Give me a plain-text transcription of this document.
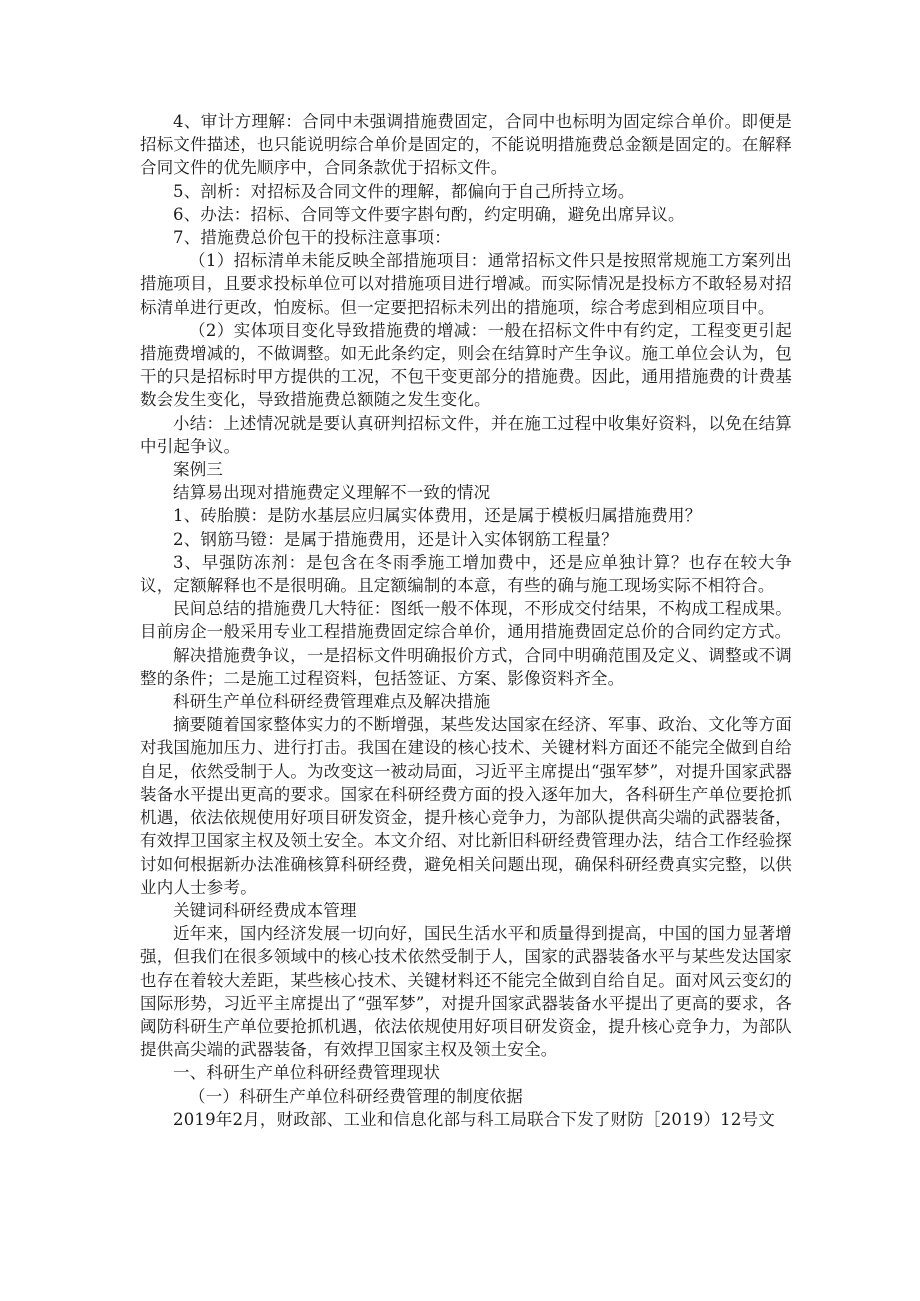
4、审计方理解：合同中未强调措施费固定，合同中也标明为固定综合单价。即便是招标文件描述，也只能说明综合单价是固定的，不能说明措施费总金额是固定的。在解释合同文件的优先顺序中，合同条款优于招标文件。

5、剖析：对招标及合同文件的理解，都偏向于自己所持立场。

6、办法：招标、合同等文件要字斟句酌，约定明确，避免出席异议。

7、措施费总价包干的投标注意事项：

（1）招标清单未能反映全部措施项目：通常招标文件只是按照常规施工方案列出措施项目，且要求投标单位可以对措施项目进行增减。而实际情况是投标方不敢轻易对招标清单进行更改，怕废标。但一定要把招标未列出的措施项，综合考虑到相应项目中。

（2）实体项目变化导致措施费的增减：一般在招标文件中有约定，工程变更引起措施费增减的，不做调整。如无此条约定，则会在结算时产生争议。施工单位会认为，包干的只是招标时甲方提供的工况，不包干变更部分的措施费。因此，通用措施费的计费基数会发生变化，导致措施费总额随之发生变化。

小结：上述情况就是要认真研判招标文件，并在施工过程中收集好资料，以免在结算中引起争议。

案例三

结算易出现对措施费定义理解不一致的情况

1、砖胎膜：是防水基层应归属实体费用，还是属于模板归属措施费用？

2、钢筋马镫：是属于措施费用，还是计入实体钢筋工程量？

3、早强防冻剂：是包含在冬雨季施工增加费中，还是应单独计算？也存在较大争议，定额解释也不是很明确。且定额编制的本意，有些的确与施工现场实际不相符合。

民间总结的措施费几大特征：图纸一般不体现，不形成交付结果，不构成工程成果。目前房企一般采用专业工程措施费固定综合单价，通用措施费固定总价的合同约定方式。

解决措施费争议，一是招标文件明确报价方式，合同中明确范围及定义、调整或不调整的条件；二是施工过程资料，包括签证、方案、影像资料齐全。

科研生产单位科研经费管理难点及解决措施

摘要随着国家整体实力的不断增强，某些发达国家在经济、军事、政治、文化等方面对我国施加压力、进行打击。我国在建设的核心技术、关键材料方面还不能完全做到自给自足，依然受制于人。为改变这一被动局面，习近平主席提出“强军梦”，对提升国家武器装备水平提出更高的要求。国家在科研经费方面的投入逐年加大，各科研生产单位要抢抓机遇，依法依规使用好项目研发资金，提升核心竞争力，为部队提供高尖端的武器装备，有效捍卫国家主权及领土安全。本文介绍、对比新旧科研经费管理办法，结合工作经验探讨如何根据新办法准确核算科研经费，避免相关问题出现，确保科研经费真实完整，以供业内人士参考。

关键词科研经费成本管理

近年来，国内经济发展一切向好，国民生活水平和质量得到提高，中国的国力显著增强，但我们在很多领域中的核心技术依然受制于人，国家的武器装备水平与某些发达国家也存在着较大差距，某些核心技术、关键材料还不能完全做到自给自足。面对风云变幻的国际形势，习近平主席提出了“强军梦”，对提升国家武器装备水平提出了更高的要求，各阈防科研生产单位要抢抓机遇，依法依规使用好项目研发资金，提升核心竞争力，为部队提供高尖端的武器装备，有效捍卫国家主权及领土安全。

一、科研生产单位科研经费管理现状

（一）科研生产单位科研经费管理的制度依据

2019年2月，财政部、工业和信息化部与科工局联合下发了财防［2019）12号文
